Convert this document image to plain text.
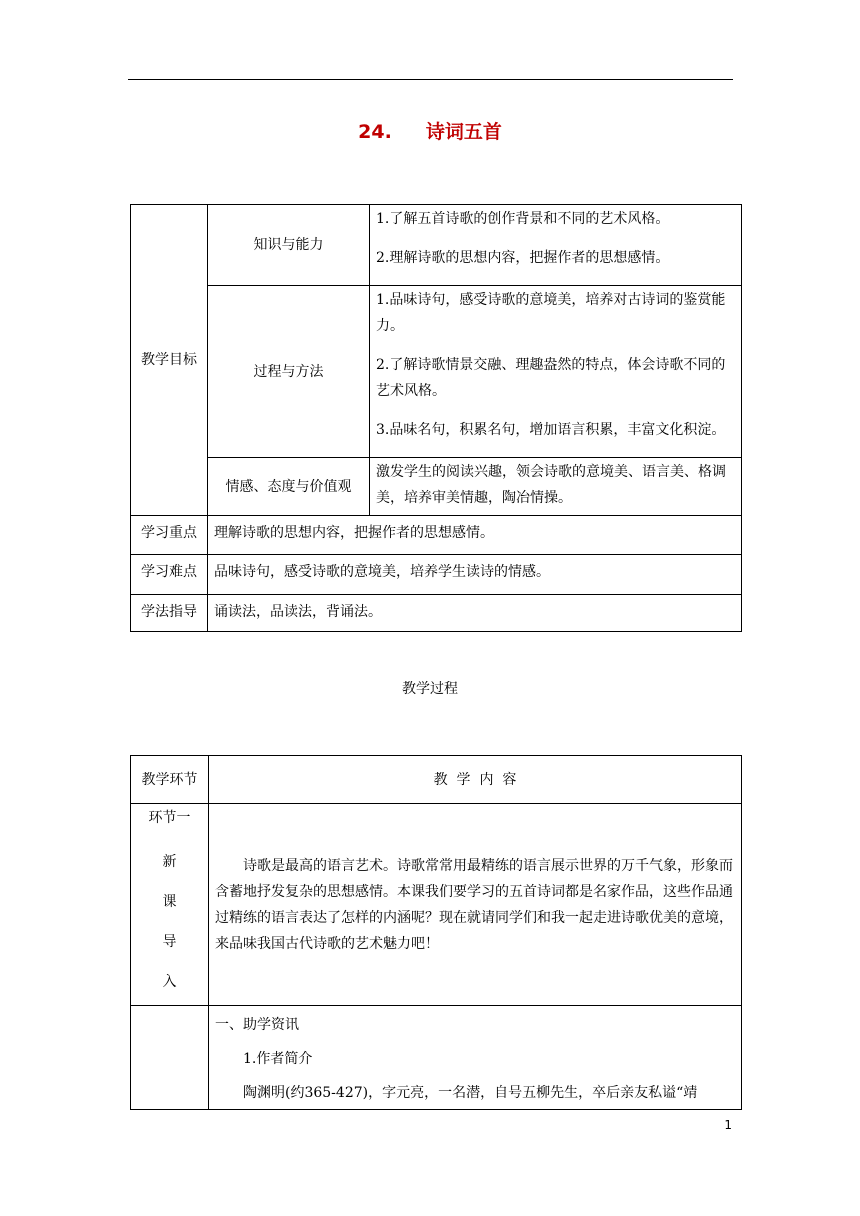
24. 诗词五首
教学目标	知识与能力	1.了解五首诗歌的创作背景和不同的艺术风格。

2.理解诗歌的思想内容，把握作者的思想感情。

	过程与方法	1.品味诗句，感受诗歌的意境美，培养对古诗词的鉴赏能力。

2.了解诗歌情景交融、理趣盎然的特点，体会诗歌不同的艺术风格。

3.品味名句，积累名句，增加语言积累，丰富文化积淀。

	情感、态度与价值观	激发学生的阅读兴趣，领会诗歌的意境美、语言美、格调美，培养审美情趣，陶冶情操。

学习重点	理解诗歌的思想内容，把握作者的思想感情。	
学习难点	品味诗句，感受诗歌的意境美，培养学生读诗的情感。	
学法指导	诵读法，品读法，背诵法。	
教学过程
教学环节	教  学  内  容

环节一
新
课
导
入	诗歌是最高的语言艺术。诗歌常常用最精练的语言展示世界的万千气象，形象而含蓄地抒发复杂的思想感情。本课我们要学习的五首诗词都是名家作品，这些作品通过精练的语言表达了怎样的内涵呢？现在就请同学们和我一起走进诗歌优美的意境，来品味我国古代诗歌的艺术魅力吧！

	一、助学资讯
1.作者简介
陶渊明(约365-427)，字元亮，一名潜，自号五柳先生，卒后亲友私谥“靖
1
